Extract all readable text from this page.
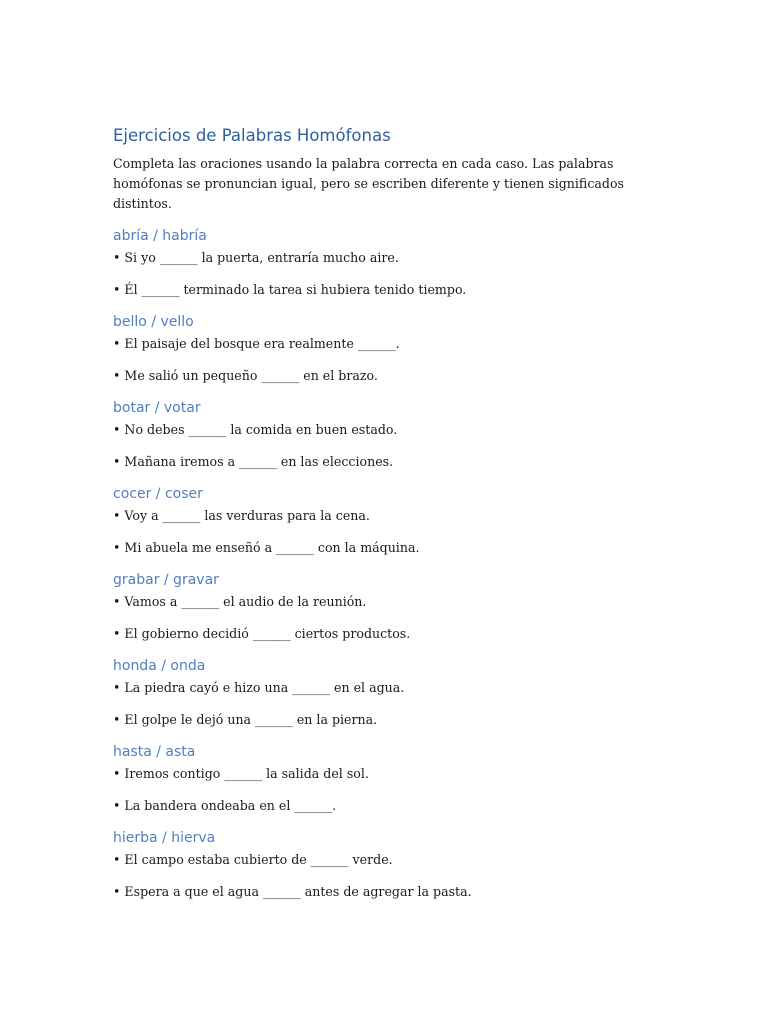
Ejercicios de Palabras Homófonas

Completa las oraciones usando la palabra correcta en cada caso. Las palabras homófonas se pronuncian igual, pero se escriben diferente y tienen significados distintos.

abría / habría

• Si yo ______ la puerta, entraría mucho aire.

• Él ______ terminado la tarea si hubiera tenido tiempo.

bello / vello

• El paisaje del bosque era realmente ______.

• Me salió un pequeño ______ en el brazo.

botar / votar

• No debes ______ la comida en buen estado.

• Mañana iremos a ______ en las elecciones.

cocer / coser

• Voy a ______ las verduras para la cena.

• Mi abuela me enseñó a ______ con la máquina.

grabar / gravar

• Vamos a ______ el audio de la reunión.

• El gobierno decidió ______ ciertos productos.

honda / onda

• La piedra cayó e hizo una ______ en el agua.

• El golpe le dejó una ______ en la pierna.

hasta / asta

• Iremos contigo ______ la salida del sol.

• La bandera ondeaba en el ______.

hierba / hierva

• El campo estaba cubierto de ______ verde.

• Espera a que el agua ______ antes de agregar la pasta.
